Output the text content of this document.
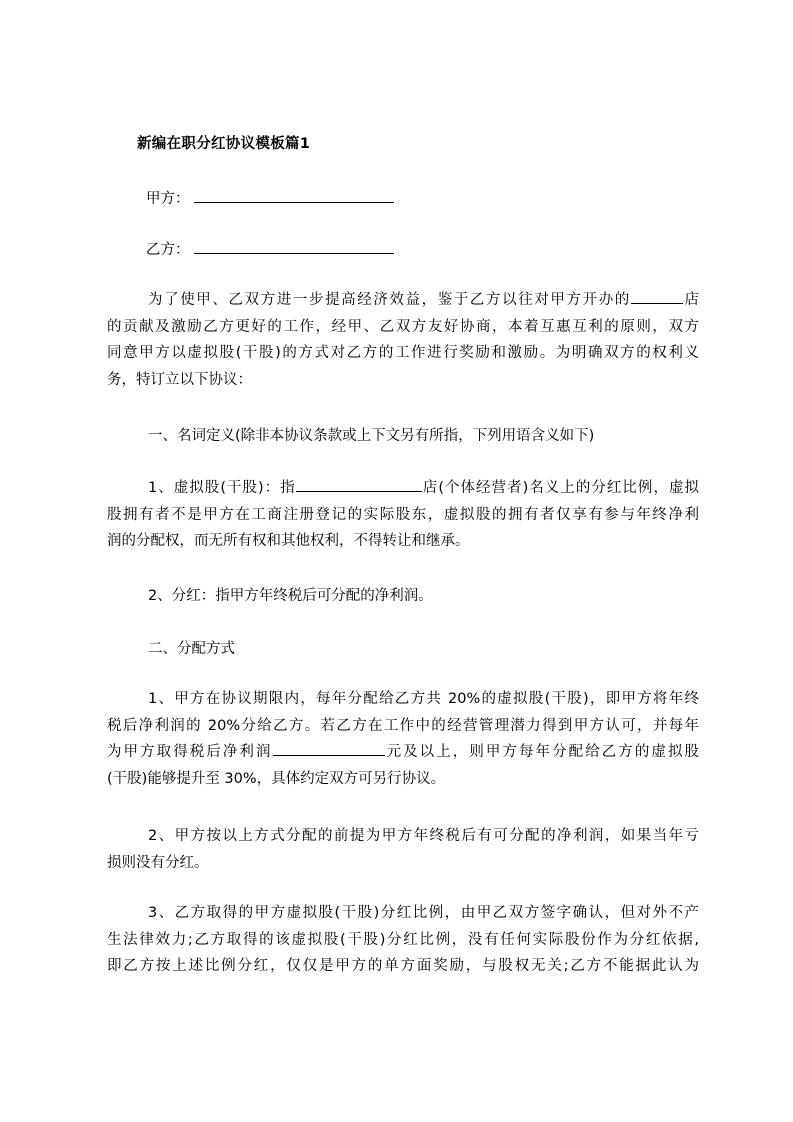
新编在职分红协议模板篇1
甲方：
乙方：
为了使甲、乙双方进一步提高经济效益，鉴于乙方以往对甲方开办的	店
的贡献及激励乙方更好的工作，经甲、乙双方友好协商，本着互惠互利的原则，双方
同意甲方以虚拟股(干股)的方式对乙方的工作进行奖励和激励。为明确双方的权利义
务，特订立以下协议：
一、名词定义(除非本协议条款或上下文另有所指，下列用语含义如下)
1、虚拟股(干股)：指	店(个体经营者)名义上的分红比例，虚拟
股拥有者不是甲方在工商注册登记的实际股东，虚拟股的拥有者仅享有参与年终净利
润的分配权，而无所有权和其他权利，不得转让和继承。
2、分红：指甲方年终税后可分配的净利润。
二、分配方式
1、甲方在协议期限内，每年分配给乙方共 20%的虚拟股(干股)，即甲方将年终
税后净利润的 20%分给乙方。若乙方在工作中的经营管理潜力得到甲方认可，并每年
为甲方取得税后净利润	元及以上，则甲方每年分配给乙方的虚拟股
(干股)能够提升至 30%，具体约定双方可另行协议。
2、甲方按以上方式分配的前提为甲方年终税后有可分配的净利润，如果当年亏
损则没有分红。
3、乙方取得的甲方虚拟股(干股)分红比例，由甲乙双方签字确认，但对外不产
生法律效力;乙方取得的该虚拟股(干股)分红比例，没有任何实际股份作为分红依据,
即乙方按上述比例分红，仅仅是甲方的单方面奖励，与股权无关;乙方不能据此认为
